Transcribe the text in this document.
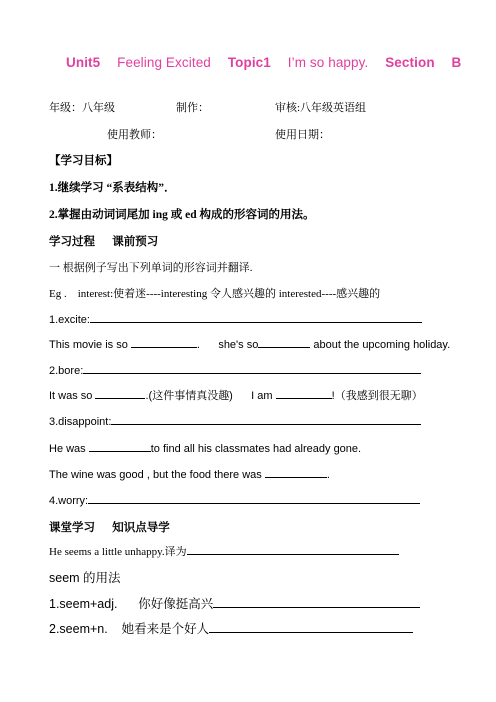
Unit5 Feeling Excited Topic1 I’m so happy. Section B
年级：八年级	制作：	审核:八年级英语组
使用教师：	使用日期：
【学习目标】
1.继续学习 “系表结构”．
2.掌握由动词词尾加 ing 或 ed 构成的形容词的用法。
学习过程      课前预习
一 根据例子写出下列单词的形容词并翻译.
Eg .    interest:使着迷----interesting 令人感兴趣的 interested----感兴趣的
1.excite:
This movie is so	.      she's so	about the upcoming holiday.
2.bore:
It was so	.(这件事情真没趣)      I am	!（我感到很无聊）
3.disappoint:
He was	to find all his classmates had already gone.
The wine was good , but the food there was	.
4.worry:
课堂学习      知识点导学
He seems a little unhappy.译为
seem 的用法
1.seem+adj. 你好像挺高兴
2.seem+n. 她看来是个好人
